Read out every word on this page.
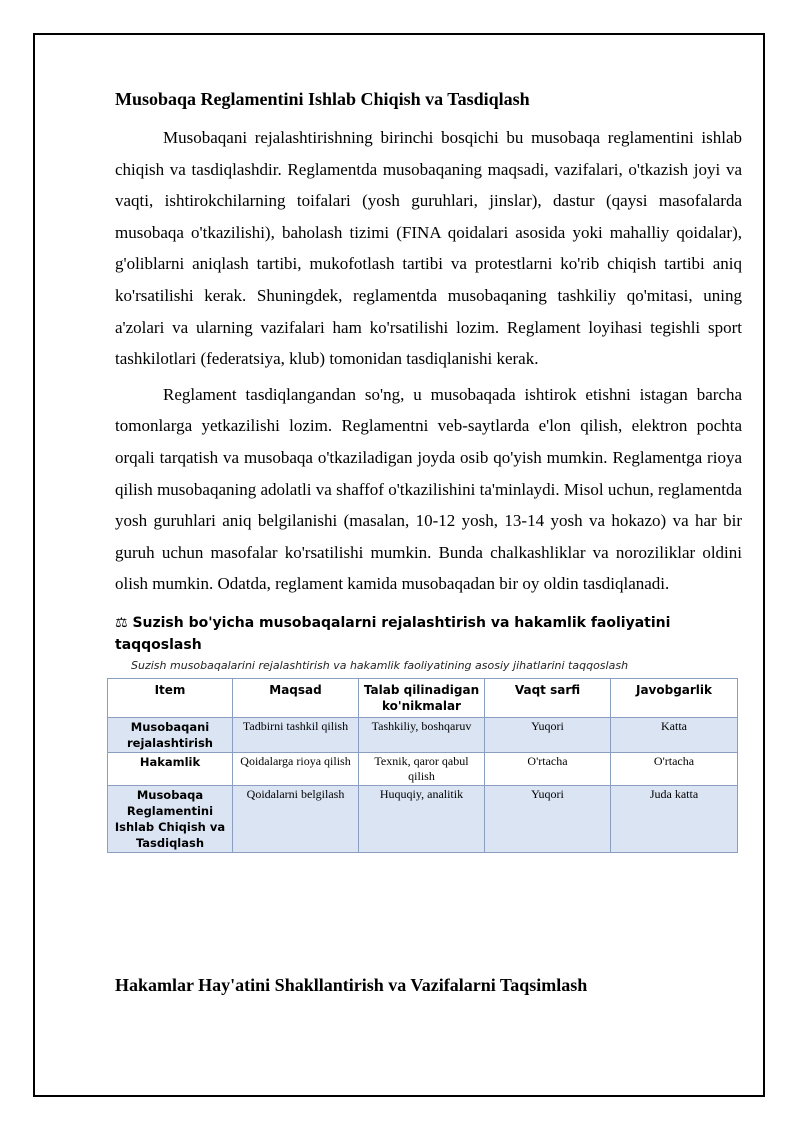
Musobaqa Reglamentini Ishlab Chiqish va Tasdiqlash

Musobaqani rejalashtirishning birinchi bosqichi bu musobaqa reglamentini ishlab chiqish va tasdiqlashdir. Reglamentda musobaqaning maqsadi, vazifalari, o'tkazish joyi va vaqti, ishtirokchilarning toifalari (yosh guruhlari, jinslar), dastur (qaysi masofalarda musobaqa o'tkazilishi), baholash tizimi (FINA qoidalari asosida yoki mahalliy qoidalar), g'oliblarni aniqlash tartibi, mukofotlash tartibi va protestlarni ko'rib chiqish tartibi aniq ko'rsatilishi kerak. Shuningdek, reglamentda musobaqaning tashkiliy qo'mitasi, uning a'zolari va ularning vazifalari ham ko'rsatilishi lozim. Reglament loyihasi tegishli sport tashkilotlari (federatsiya, klub) tomonidan tasdiqlanishi kerak.

Reglament tasdiqlangandan so'ng, u musobaqada ishtirok etishni istagan barcha tomonlarga yetkazilishi lozim. Reglamentni veb-saytlarda e'lon qilish, elektron pochta orqali tarqatish va musobaqa o'tkaziladigan joyda osib qo'yish mumkin. Reglamentga rioya qilish musobaqaning adolatli va shaffof o'tkazilishini ta'minlaydi. Misol uchun, reglamentda yosh guruhlari aniq belgilanishi (masalan, 10-12 yosh, 13-14 yosh va hokazo) va har bir guruh uchun masofalar ko'rsatilishi mumkin. Bunda chalkashliklar va noroziliklar oldini olish mumkin. Odatda, reglament kamida musobaqadan bir oy oldin tasdiqlanadi.

⚖ Suzish bo'yicha musobaqalarni rejalashtirish va hakamlik faoliyatini taqqoslash
Suzish musobaqalarini rejalashtirish va hakamlik faoliyatining asosiy jihatlarini taqqoslash
Item	Maqsad	Talab qilinadigan ko'nikmalar	Vaqt sarfi	Javobgarlik
Musobaqani rejalashtirish	Tadbirni tashkil qilish	Tashkiliy, boshqaruv	Yuqori	Katta
Hakamlik	Qoidalarga rioya qilish	Texnik, qaror qabul qilish	O'rtacha	O'rtacha
Musobaqa Reglamentini Ishlab Chiqish va Tasdiqlash	Qoidalarni belgilash	Huquqiy, analitik	Yuqori	Juda katta
Hakamlar Hay'atini Shakllantirish va Vazifalarni Taqsimlash
